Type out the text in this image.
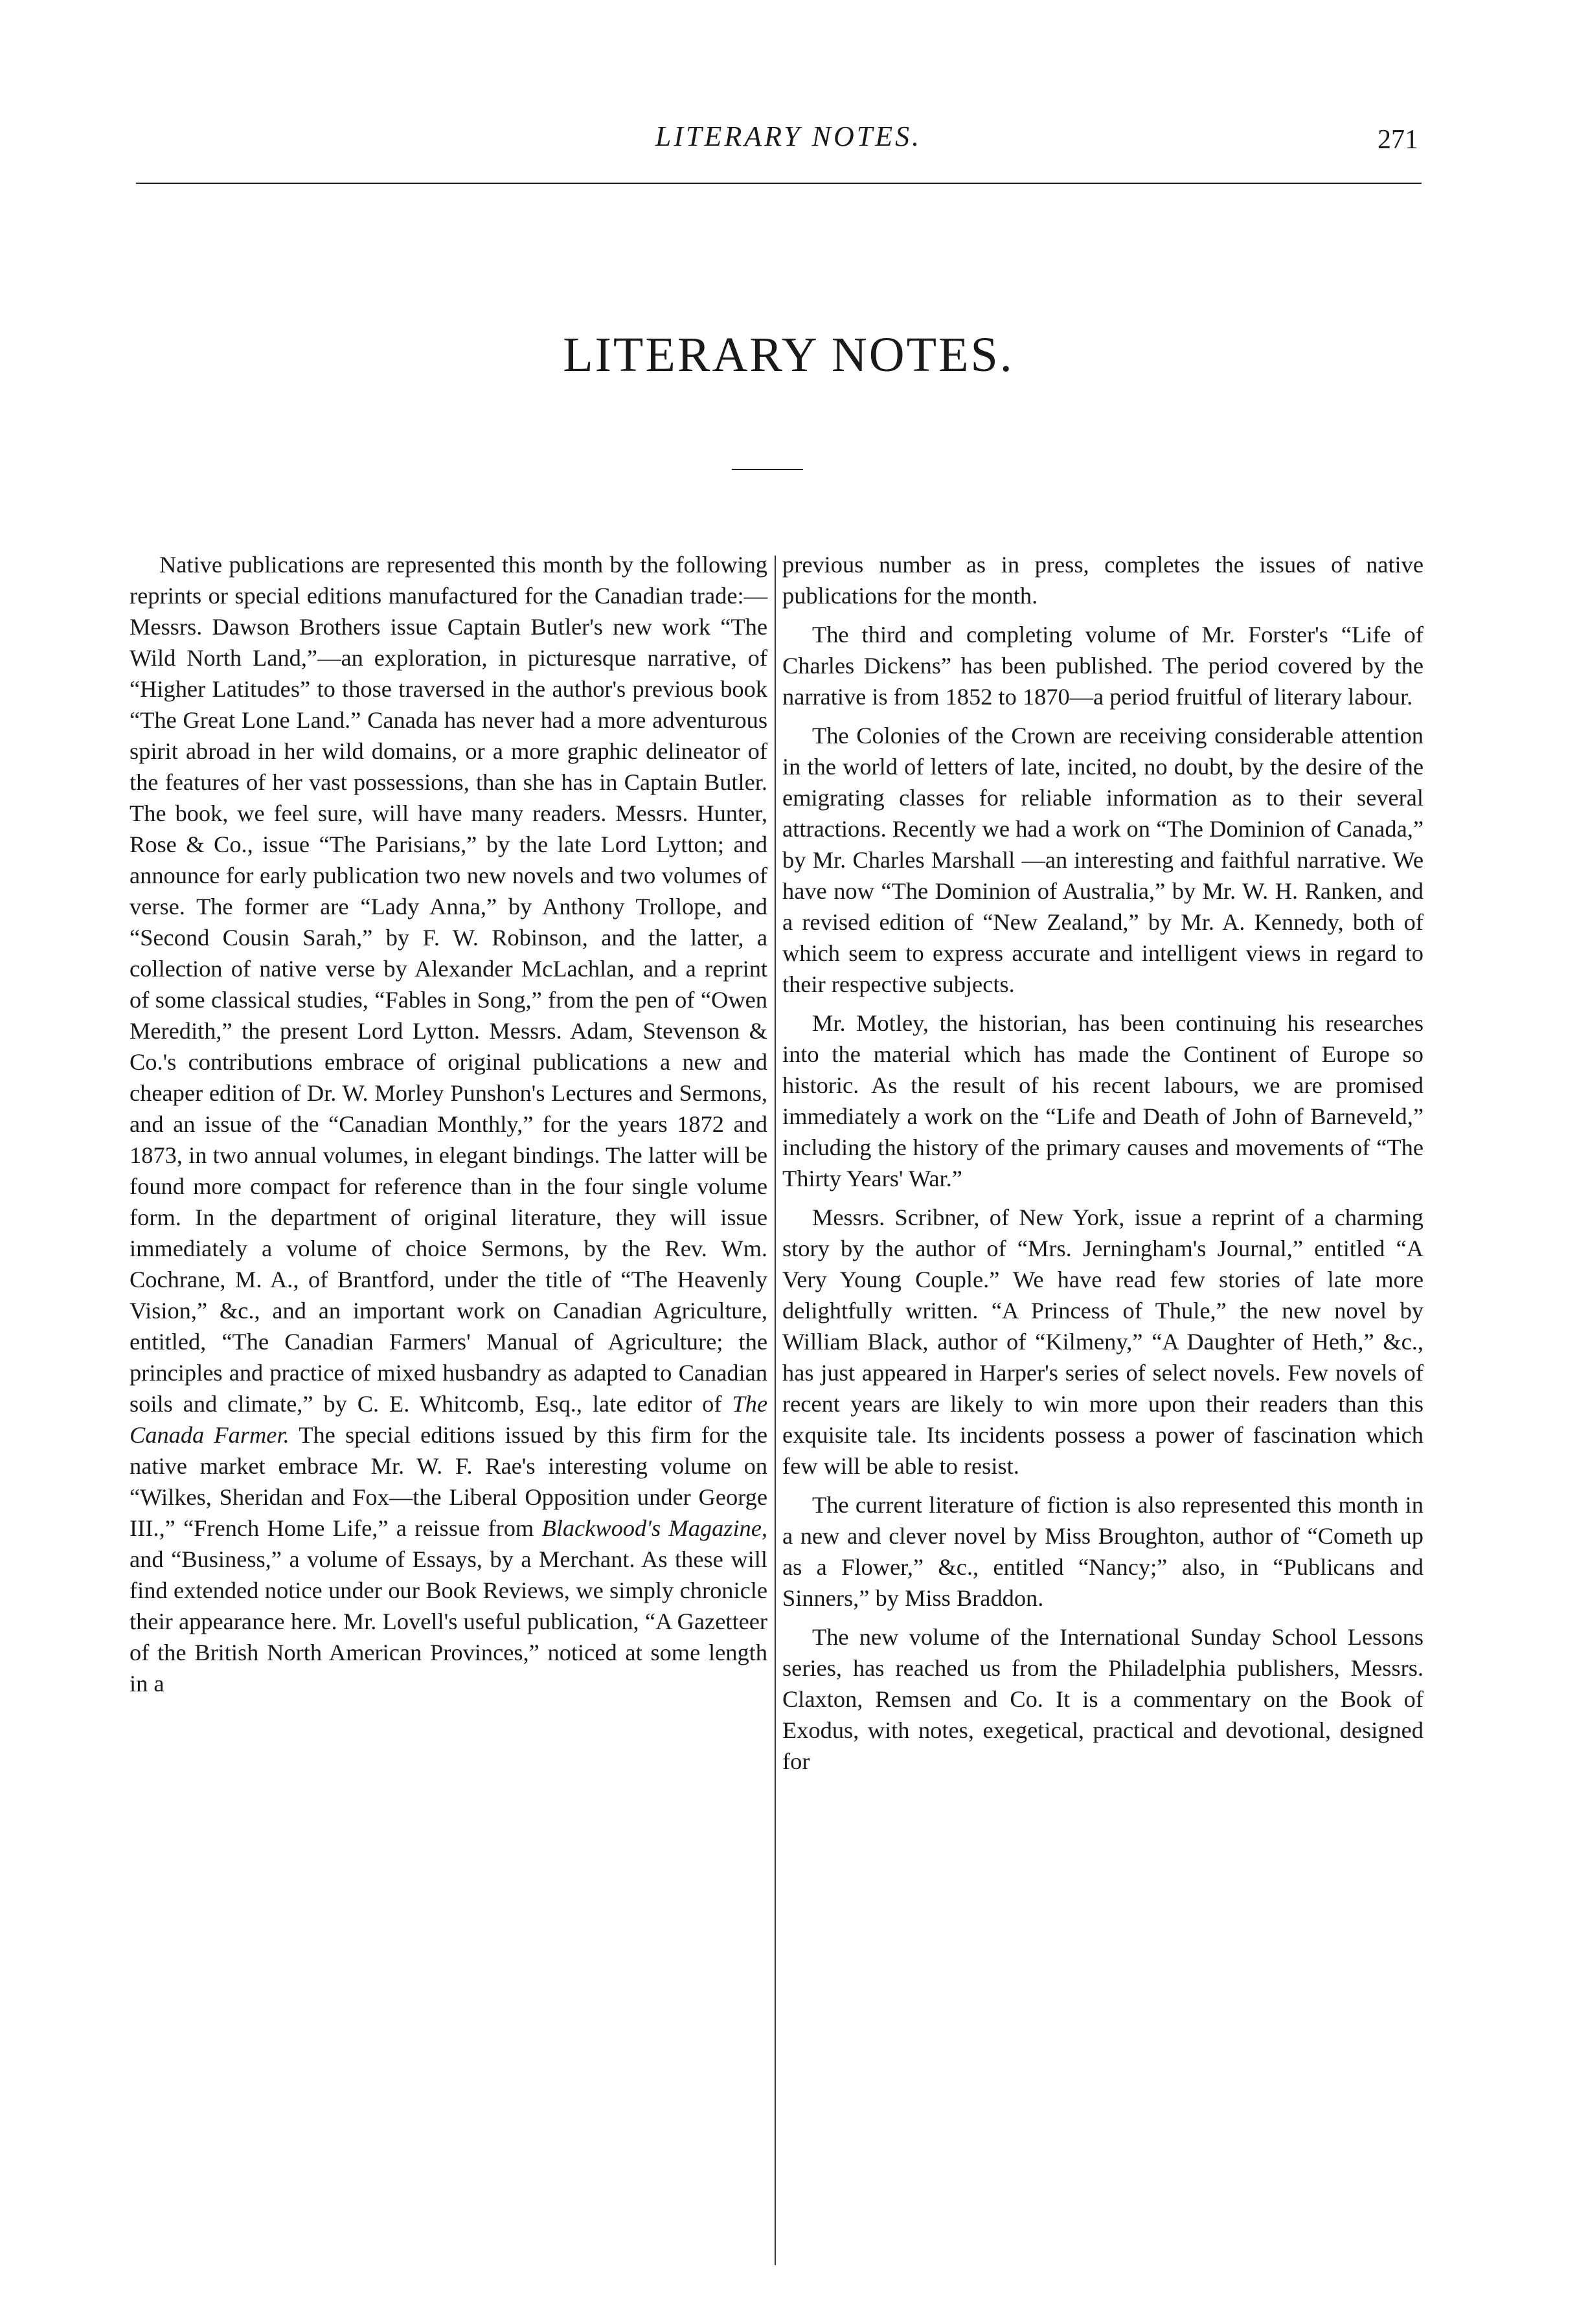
LITERARY NOTES.	271
LITERARY NOTES.

Native publications are represented this month by the following reprints or special editions manufactured for the Canadian trade:—Messrs. Dawson Brothers issue Captain Butler's new work “The Wild North Land,”—an exploration, in picturesque narrative, of “Higher Latitudes” to those traversed in the author's previous book “The Great Lone Land.” Canada has never had a more adventurous spirit abroad in her wild domains, or a more graphic delineator of the features of her vast possessions, than she has in Captain Butler. The book, we feel sure, will have many readers. Messrs. Hunter, Rose & Co., issue “The Parisians,” by the late Lord Lytton; and announce for early publication two new novels and two volumes of verse. The former are “Lady Anna,” by Anthony Trollope, and “Second Cousin Sarah,” by F. W. Robinson, and the latter, a collection of native verse by Alexander McLachlan, and a reprint of some classical studies, “Fables in Song,” from the pen of “Owen Meredith,” the present Lord Lytton. Messrs. Adam, Stevenson & Co.'s contributions embrace of original publications a new and cheaper edition of Dr. W. Morley Punshon's Lectures and Sermons, and an issue of the “Canadian Monthly,” for the years 1872 and 1873, in two annual volumes, in elegant bindings. The latter will be found more compact for reference than in the four single volume form. In the department of original literature, they will issue immediately a volume of choice Sermons, by the Rev. Wm. Cochrane, M. A., of Brantford, under the title of “The Heavenly Vision,” &c., and an important work on Canadian Agriculture, entitled, “The Canadian Farmers' Manual of Agriculture; the principles and practice of mixed husbandry as adapted to Canadian soils and climate,” by C. E. Whitcomb, Esq., late editor of The Canada Farmer. The special editions issued by this firm for the native market embrace Mr. W. F. Rae's interesting volume on “Wilkes, Sheridan and Fox—the Liberal Opposition under George III.,” “French Home Life,” a reissue from Blackwood's Magazine, and “Business,” a volume of Essays, by a Merchant. As these will find extended notice under our Book Reviews, we simply chronicle their appearance here. Mr. Lovell's useful publication, “A Gazetteer of the British North American Provinces,” noticed at some length in a

previous number as in press, completes the issues of native publications for the month.

The third and completing volume of Mr. Forster's “Life of Charles Dickens” has been published. The period covered by the narrative is from 1852 to 1870—a period fruitful of literary labour.

The Colonies of the Crown are receiving considerable attention in the world of letters of late, incited, no doubt, by the desire of the emigrating classes for reliable information as to their several attractions. Recently we had a work on “The Dominion of Canada,” by Mr. Charles Marshall —an interesting and faithful narrative. We have now “The Dominion of Australia,” by Mr. W. H. Ranken, and a revised edition of “New Zealand,” by Mr. A. Kennedy, both of which seem to express accurate and intelligent views in regard to their respective subjects.

Mr. Motley, the historian, has been continuing his researches into the material which has made the Continent of Europe so historic. As the result of his recent labours, we are promised immediately a work on the “Life and Death of John of Barneveld,” including the history of the primary causes and movements of “The Thirty Years' War.”

Messrs. Scribner, of New York, issue a reprint of a charming story by the author of “Mrs. Jerningham's Journal,” entitled “A Very Young Couple.” We have read few stories of late more delightfully written. “A Princess of Thule,” the new novel by William Black, author of “Kilmeny,” “A Daughter of Heth,” &c., has just appeared in Harper's series of select novels. Few novels of recent years are likely to win more upon their readers than this exquisite tale. Its incidents possess a power of fascination which few will be able to resist.

The current literature of fiction is also represented this month in a new and clever novel by Miss Broughton, author of “Cometh up as a Flower,” &c., entitled “Nancy;” also, in “Publicans and Sinners,” by Miss Braddon.

The new volume of the International Sunday School Lessons series, has reached us from the Philadelphia publishers, Messrs. Claxton, Remsen and Co. It is a commentary on the Book of Exodus, with notes, exegetical, practical and devotional, designed for
